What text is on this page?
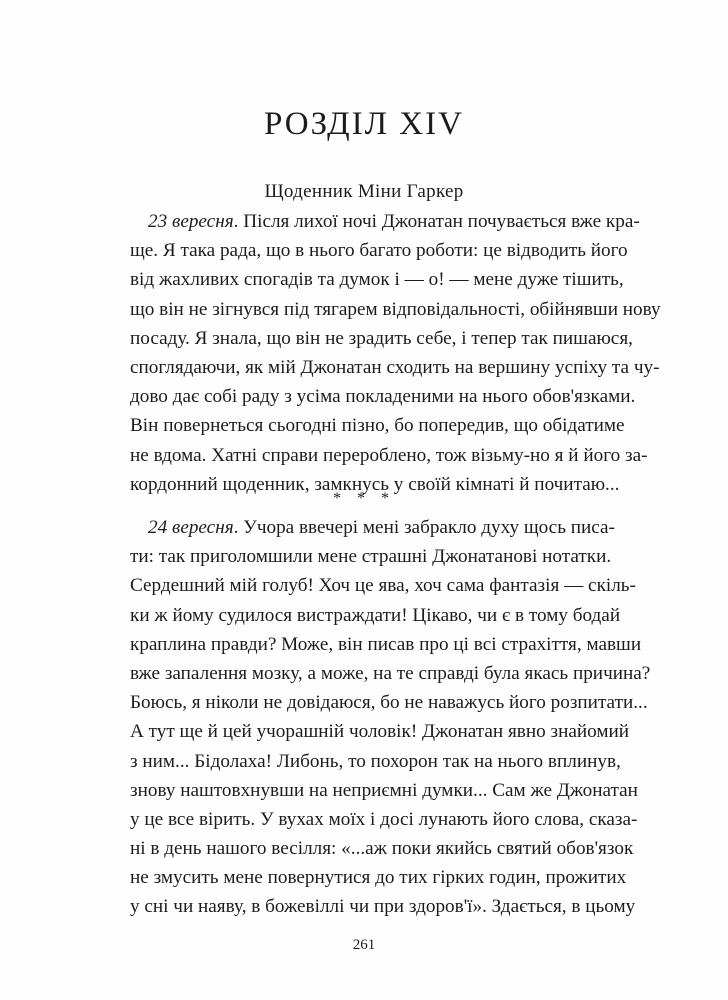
РОЗДІЛ XIV
Щоденник Міни Гаркер
23 вересня. Після лихої ночі Джонатан почувається вже кра-
ще. Я така рада, що в нього багато роботи: це відводить його
від жахливих спогадів та думок і — о! — мене дуже тішить,
що він не зігнувся під тягарем відповідальності, обійнявши нову
посаду. Я знала, що він не зрадить себе, і тепер так пишаюся,
споглядаючи, як мій Джонатан сходить на вершину успіху та чу-
дово дає собі раду з усіма покладеними на нього обов'язками.
Він повернеться сьогодні пізно, бо попередив, що обідатиме
не вдома. Хатні справи перероблено, тож візьму-но я й його за-
кордонний щоденник, замкнусь у своїй кімнаті й почитаю...
* * *
24 вересня. Учора ввечері мені забракло духу щось писа-
ти: так приголомшили мене страшні Джонатанові нотатки.
Сердешний мій голуб! Хоч це ява, хоч сама фантазія — скіль-
ки ж йому судилося вистраждати! Цікаво, чи є в тому бодай
краплина правди? Може, він писав про ці всі страхіття, мавши
вже запалення мозку, а може, на те справді була якась причина?
Боюсь, я ніколи не довідаюся, бо не наважусь його розпитати...
А тут ще й цей учорашній чоловік! Джонатан явно знайомий
з ним... Бідолаха! Либонь, то похорон так на нього вплинув,
знову наштовхнувши на неприємні думки... Сам же Джонатан
у це все вірить. У вухах моїх і досі лунають його слова, сказа-
ні в день нашого весілля: «...аж поки якийсь святий обов'язок
не змусить мене повернутися до тих гірких годин, прожитих
у сні чи наяву, в божевіллі чи при здоров'ї». Здається, в цьому
261
